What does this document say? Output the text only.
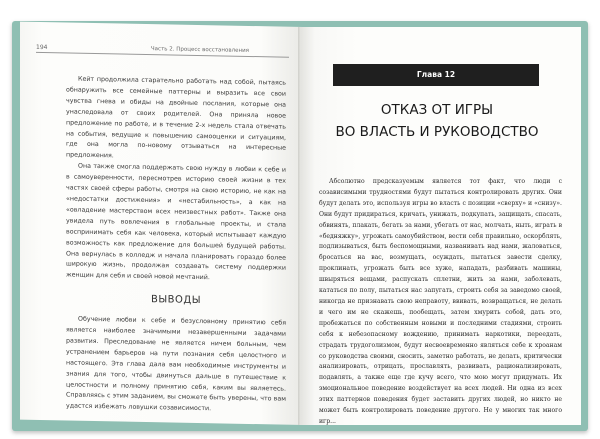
194	Часть 2. Процесс восстановления

Кейт продолжила старательно работать над собой, пытаясь обнаружить все семейные паттерны и выразить все свои чувства гнева и обиды на двойные послания, которые она унаследовала от своих родителей. Она приняла новое предложение по работе, и в течение 2-х недель стала отвечать на события, ведущие к повышению самооценки и ситуациям, где она могла по-новому отзываться на интересные предложения.

Она также смогла поддержать свою нужду в любви к себе и в самоуверенности, пересмотрев историю своей жизни в тех частях своей сферы работы, смотря на свою историю, не как на «недостатки достижения» и «нестабильность», а как на «овладение мастерством всех неизвестных работ». Также она увидела путь вовлечения в глобальные проекты, и стала воспринимать себя как человека, который испытывает каждую возможность как предложение для большей будущей работы. Она вернулась в колледж и начала планировать гораздо более широкую жизнь, продолжая создавать систему поддержки женщин для себя и своей новой мечтаний.

ВЫВОДЫ

Обучение любви к себе и безусловному принятию себя является наиболее значимыми незавершенными задачами развития. Преследование не является ничем больным, чем устранением барьеров на пути познания себя целостного и настоящего. Эта глава дала вам необходимые инструменты и знания для того, чтобы двинуться дальше в путешествие к целостности и полному принятию себя, каким вы являетесь. Справляясь с этим заданием, вы сможете быть уверены, что вам удастся избежать ловушки созависимости.

Глава 12
ОТКАЗ ОТ ИГРЫ
ВО ВЛАСТЬ И РУКОВОДСТВО

Абсолютно предсказуемым является тот факт, что люди с созависимыми трудностями будут пытаться контролировать других. Они будут делать это, используя игры во власть с позиции «сверху» и «снизу». Они будут придираться, кричать, унижать, подкупать, защищать, спасать, обвинять, плакать, бегать за нами, убегать от нас, молчать, ныть, играть в «бедняжку», угрожать самоубийством, вести себя правильно, оскорблять, подлизываться, быть беспомощными, названивать над нами, жаловаться, бросаться на вас, возмущать, осуждать, пытаться завести сделку, проклинать, угрожать быть все хуже, нападать, разбивать машины, швыряться вещами, распускать сплетни, жить за нами, заболевать, кататься по полу, пытаться нас запугать, строить себя за заведомо своей, никогда не признавать свою неправоту, ввивать, возвращаться, не делать и чего им не скажешь, пообещать, затем хмурить собой, дать это, пробежаться по собственным новыми и последними стадиями, строить себя к небезопасному вождению, принимать наркотики, переедать, страдать трудоголизмом, будут несвоевременно являться себе к хроанам со руководства своими, сносить, заметно работать, не делать, критически анализировать, отрицать, прославлять, развивать, рационализировать, подавлять, а также еще где кучу всего, что мою могут придумать. Их эмоциональное поведение воздействует на всех людей. Ни одна из всех этих паттернов поведения будет заставить других людей, но никто не может быть контролировать поведение другого. Не у многих так много игр...
